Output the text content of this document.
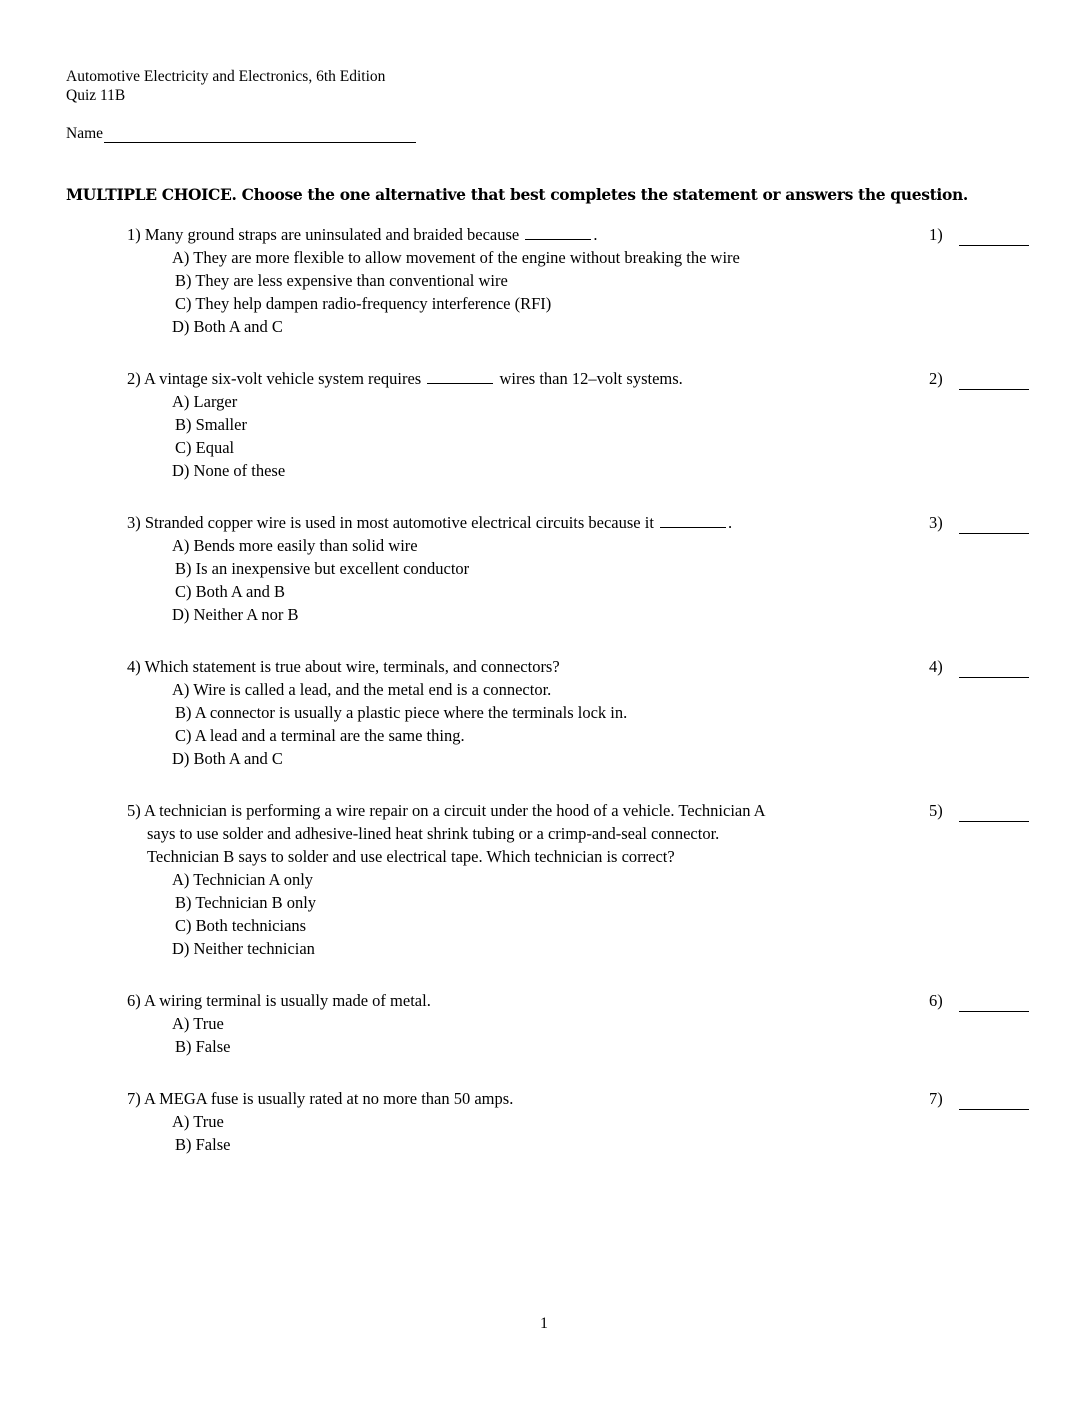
Automotive Electricity and Electronics, 6th Edition
Quiz 11B
Name
MULTIPLE CHOICE. Choose the one alternative that best completes the statement or answers the question.
1) Many ground straps are uninsulated and braided because	.
A) They are more flexible to allow movement of the engine without breaking the wire
B) They are less expensive than conventional wire
C) They help dampen radio-frequency interference (RFI)
D) Both A and C
1)
2) A vintage six-volt vehicle system requires	wires than 12–volt systems.
A) Larger
B) Smaller
C) Equal
D) None of these
2)
3) Stranded copper wire is used in most automotive electrical circuits because it	.
A) Bends more easily than solid wire
B) Is an inexpensive but excellent conductor
C) Both A and B
D) Neither A nor B
3)
4) Which statement is true about wire, terminals, and connectors?
A) Wire is called a lead, and the metal end is a connector.
B) A connector is usually a plastic piece where the terminals lock in.
C) A lead and a terminal are the same thing.
D) Both A and C
4)
5) A technician is performing a wire repair on a circuit under the hood of a vehicle. Technician A
says to use solder and adhesive-lined heat shrink tubing or a crimp-and-seal connector.
Technician B says to solder and use electrical tape. Which technician is correct?
A) Technician A only
B) Technician B only
C) Both technicians
D) Neither technician
5)
6) A wiring terminal is usually made of metal.
A) True
B) False
6)
7) A MEGA fuse is usually rated at no more than 50 amps.
A) True
B) False
7)
1
